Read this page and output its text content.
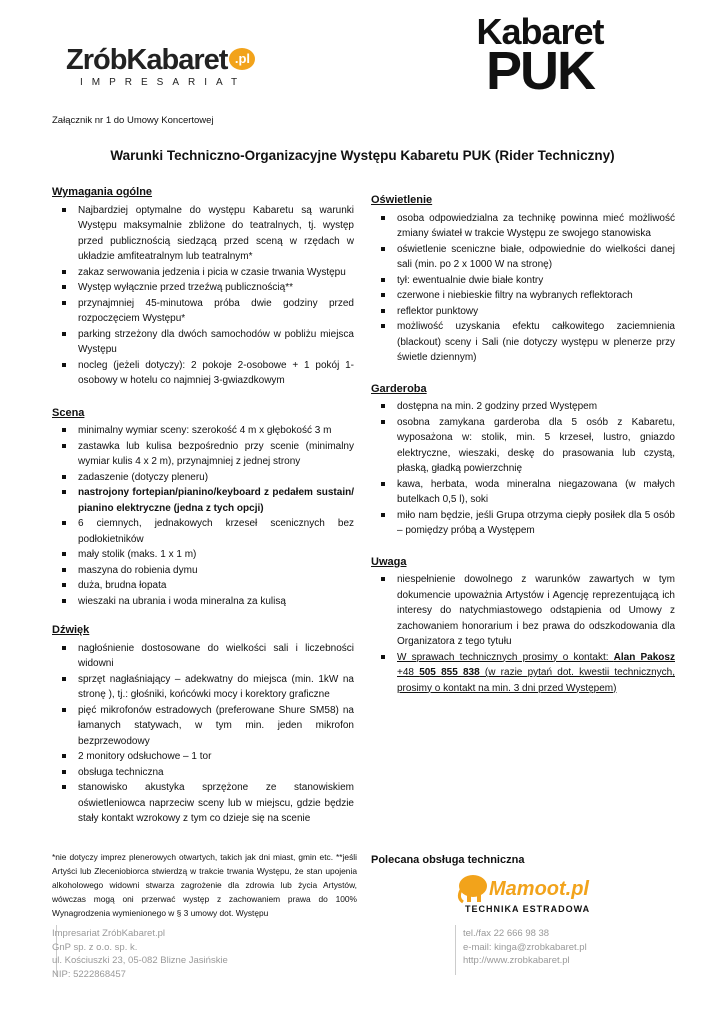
ZróbKabaret .pl
IMPRESARIAT
Kabaret
PUK
Załącznik nr 1 do Umowy Koncertowej
Warunki Techniczno-Organizacyjne Występu Kabaretu PUK (Rider Techniczny)
Wymagania ogólne
Najbardziej optymalne do występu Kabaretu są warunki Występu maksymalnie zbliżone do teatralnych, tj. występ przed publicznością siedzącą przed sceną w rzędach w układzie amfiteatralnym lub teatralnym*
zakaz serwowania jedzenia i picia w czasie trwania Występu
Występ wyłącznie przed trzeźwą publicznością**
przynajmniej 45-minutowa próba dwie godziny przed rozpoczęciem Występu*
parking strzeżony dla dwóch samochodów w pobliżu miejsca Występu
nocleg (jeżeli dotyczy): 2 pokoje 2-osobowe + 1 pokój 1-osobowy w hotelu co najmniej 3-gwiazdkowym
Scena
minimalny wymiar sceny: szerokość 4 m x głębokość 3 m
zastawka lub kulisa bezpośrednio przy scenie (minimalny wymiar kulis 4 x 2 m), przynajmniej z jednej strony
zadaszenie (dotyczy pleneru)
nastrojony fortepian/pianino/keyboard z pedałem sustain/ pianino elektryczne (jedna z tych opcji)
6 ciemnych, jednakowych krzeseł scenicznych bez podłokietników
mały stolik (maks. 1 x 1 m)
maszyna do robienia dymu
duża, brudna łopata
wieszaki na ubrania i woda mineralna za kulisą
Dźwięk
nagłośnienie dostosowane do wielkości sali i liczebności widowni
sprzęt nagłaśniający – adekwatny do miejsca (min. 1kW na stronę ), tj.: głośniki, końcówki mocy i korektory graficzne
pięć mikrofonów estradowych (preferowane Shure SM58) na łamanych statywach, w tym min. jeden mikrofon bezprzewodowy
2 monitory odsłuchowe – 1 tor
obsługa techniczna
stanowisko akustyka sprzężone ze stanowiskiem oświetleniowca naprzeciw sceny lub w miejscu, gdzie będzie stały kontakt wzrokowy z tym co dzieje się na scenie
Oświetlenie
osoba odpowiedzialna za technikę powinna mieć możliwość zmiany świateł w trakcie Występu ze swojego stanowiska
oświetlenie sceniczne białe, odpowiednie do wielkości danej sali (min. po 2 x 1000 W na stronę)
tył: ewentualnie dwie białe kontry
czerwone i niebieskie filtry na wybranych reflektorach
reflektor punktowy
możliwość uzyskania efektu całkowitego zaciemnienia (blackout) sceny i Sali (nie dotyczy występu w plenerze przy świetle dziennym)
Garderoba
dostępna na min. 2 godziny przed Występem
osobna zamykana garderoba dla 5 osób z Kabaretu, wyposażona w: stolik, min. 5 krzeseł, lustro, gniazdo elektryczne, wieszaki, deskę do prasowania lub czystą, płaską, gładką powierzchnię
kawa, herbata, woda mineralna niegazowana (w małych butelkach 0,5 l), soki
miło nam będzie, jeśli Grupa otrzyma ciepły posiłek dla 5 osób – pomiędzy próbą a Występem
Uwaga
niespełnienie dowolnego z warunków zawartych w tym dokumencie upoważnia Artystów i Agencję reprezentującą ich interesy do natychmiastowego odstąpienia od Umowy z zachowaniem honorarium i bez prawa do odszkodowania dla Organizatora z tego tytułu
W sprawach technicznych prosimy o kontakt: Alan Pakosz +48 505 855 838 (w razie pytań dot. kwestii technicznych, prosimy o kontakt na min. 3 dni przed Występem)
*nie dotyczy imprez plenerowych otwartych, takich jak dni miast, gmin etc. **jeśli Artyści lub Zleceniobiorca stwierdzą w trakcie trwania Występu, że stan upojenia alkoholowego widowni stwarza zagrożenie dla zdrowia lub życia Artystów, wówczas mogą oni przerwać występ z zachowaniem prawa do 100% Wynagrodzenia wymienionego w § 3 umowy dot. Występu
Polecana obsługa techniczna
Mamoot.pl
TECHNIKA ESTRADOWA
Impresariat ZróbKabaret.pl
GnP sp. z o.o. sp. k.
ul. Kościuszki 23, 05-082 Blizne Jasińskie
NIP: 5222868457
tel./fax 22 666 98 38
e-mail: kinga@zrobkabaret.pl
http://www.zrobkabaret.pl
